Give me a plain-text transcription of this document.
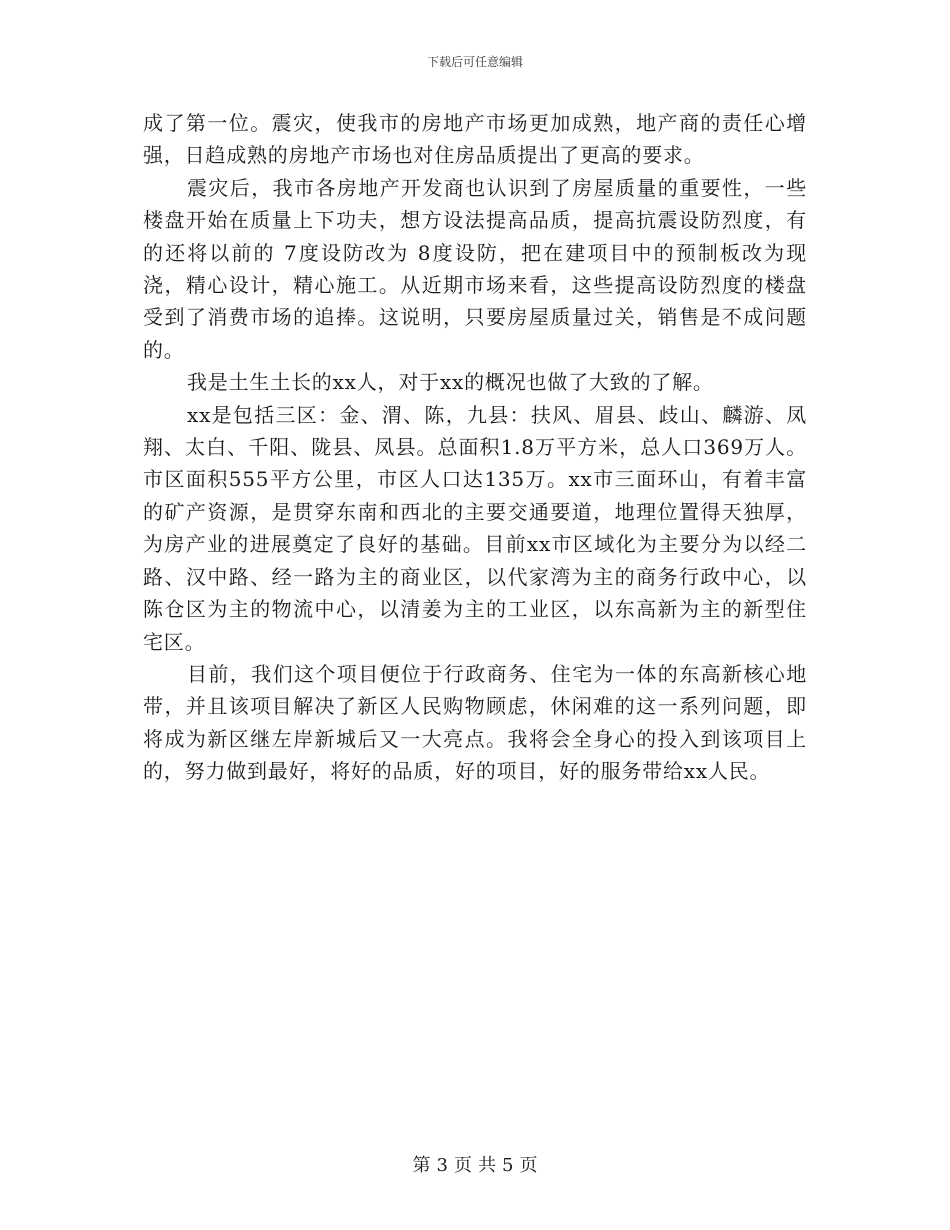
下载后可任意编辑

成了第一位。震灾，使我市的房地产市场更加成熟，地产商的责任心增强，日趋成熟的房地产市场也对住房品质提出了更高的要求。

震灾后，我市各房地产开发商也认识到了房屋质量的重要性，一些楼盘开始在质量上下功夫，想方设法提高品质，提高抗震设防烈度，有的还将以前的 7度设防改为 8度设防，把在建项目中的预制板改为现浇，精心设计，精心施工。从近期市场来看，这些提高设防烈度的楼盘受到了消费市场的追捧。这说明，只要房屋质量过关，销售是不成问题的。

我是土生土长的xx人，对于xx的概况也做了大致的了解。

xx是包括三区：金、渭、陈，九县：扶风、眉县、歧山、麟游、凤翔、太白、千阳、陇县、凤县。总面积1.8万平方米，总人口369万人。市区面积555平方公里，市区人口达135万。xx市三面环山，有着丰富的矿产资源，是贯穿东南和西北的主要交通要道，地理位置得天独厚，为房产业的进展奠定了良好的基础。目前xx市区域化为主要分为以经二路、汉中路、经一路为主的商业区，以代家湾为主的商务行政中心，以陈仓区为主的物流中心，以清姜为主的工业区，以东高新为主的新型住宅区。

目前，我们这个项目便位于行政商务、住宅为一体的东高新核心地带，并且该项目解决了新区人民购物顾虑，休闲难的这一系列问题，即将成为新区继左岸新城后又一大亮点。我将会全身心的投入到该项目上的，努力做到最好，将好的品质，好的项目，好的服务带给xx人民。

第 3 页 共 5 页
